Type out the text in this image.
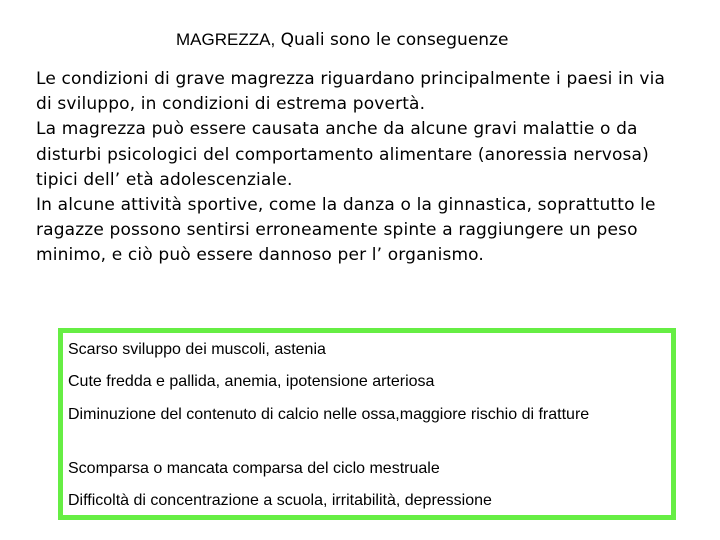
MAGREZZA, Quali sono le conseguenze

Le condizioni di grave magrezza riguardano principalmente i paesi in via di sviluppo, in condizioni di estrema povertà.

La magrezza può essere causata anche da alcune gravi malattie o da disturbi psicologici del comportamento alimentare (anoressia nervosa) tipici dell’ età adolescenziale.

In alcune attività sportive, come la danza o la ginnastica, soprattutto le ragazze possono sentirsi erroneamente spinte a raggiungere un peso minimo, e ciò può essere dannoso per l’ organismo.

Scarso sviluppo dei muscoli, astenia
Cute fredda e pallida, anemia, ipotensione arteriosa
Diminuzione del contenuto di calcio nelle ossa,maggiore rischio di fratture
Scomparsa o mancata comparsa del ciclo mestruale
Difficoltà di concentrazione a scuola, irritabilità, depressione
